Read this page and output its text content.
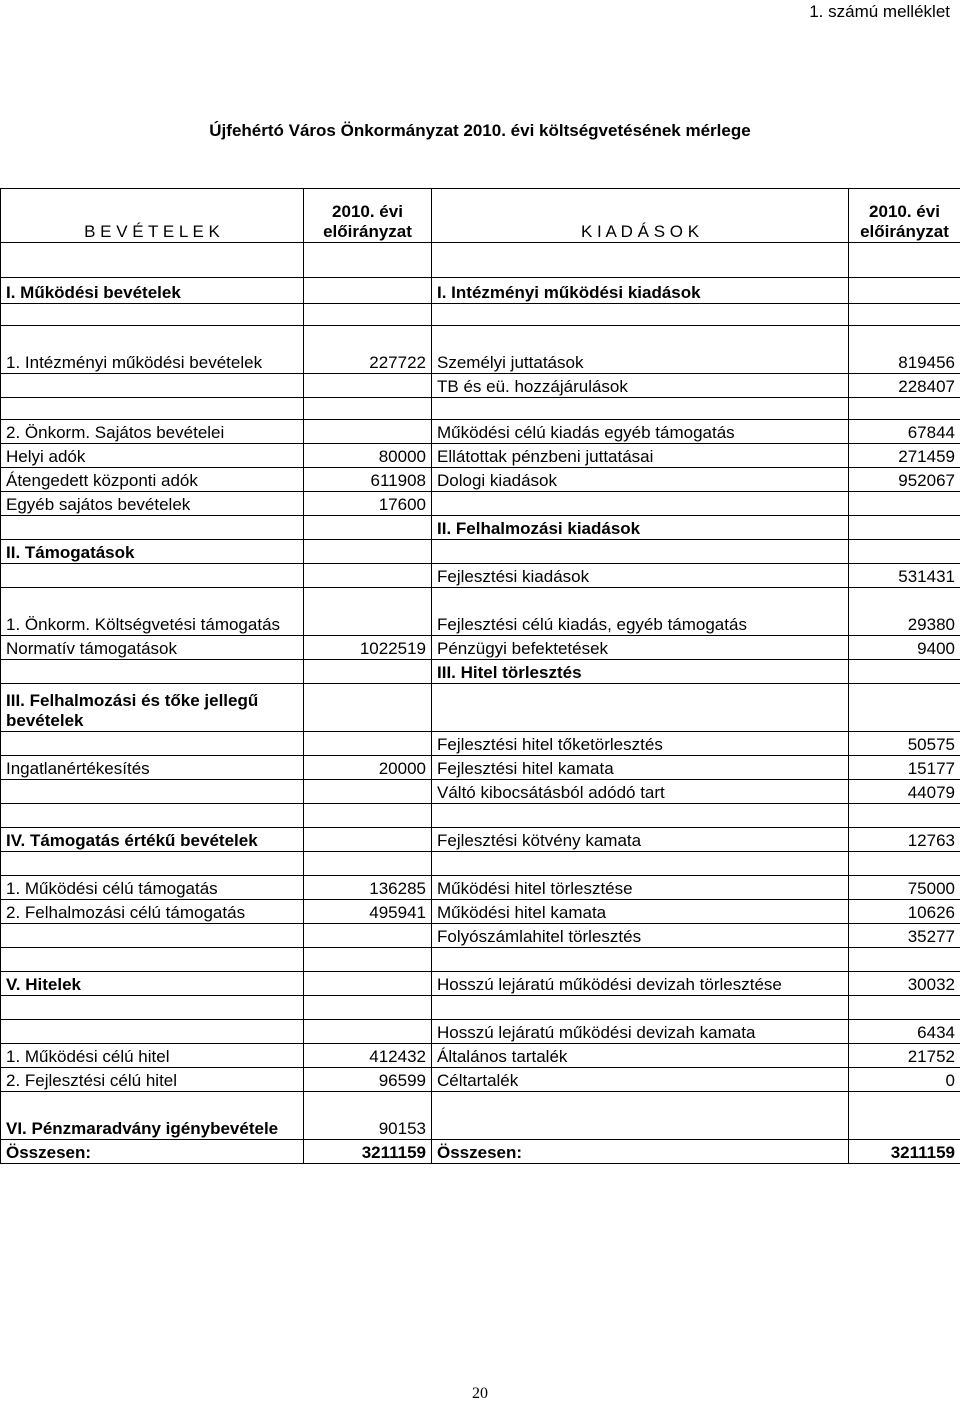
1. számú melléklet
Újfehértó Város Önkormányzat 2010. évi költségvetésének mérlege
B E V É T E L E K	2010. évi előirányzat	K I A D Á S O K	2010. évi előirányzat

I. Működési bevételek		I. Intézményi működési kiadások	

1. Intézményi működési bevételek	227722	Személyi juttatások	819456
		TB és eü. hozzájárulások	228407

2. Önkorm. Sajátos bevételei		Működési célú kiadás egyéb támogatás	67844
Helyi adók	80000	Ellátottak pénzbeni juttatásai	271459
Átengedett központi adók	611908	Dologi kiadások	952067
Egyéb sajátos bevételek	17600		
		II. Felhalmozási kiadások	
II. Támogatások			
		Fejlesztési kiadások	531431
1. Önkorm. Költségvetési támogatás		Fejlesztési célú kiadás, egyéb támogatás	29380
Normatív támogatások	1022519	Pénzügyi befektetések	9400
		III. Hitel törlesztés	
III. Felhalmozási és tőke jellegű bevételek			
		Fejlesztési hitel tőketörlesztés	50575
Ingatlanértékesítés	20000	Fejlesztési hitel kamata	15177
		Váltó kibocsátásból adódó tart	44079

IV. Támogatás értékű bevételek		Fejlesztési kötvény kamata	12763

1. Működési célú támogatás	136285	Működési hitel törlesztése	75000
2. Felhalmozási célú támogatás	495941	Működési hitel kamata	10626
		Folyószámlahitel törlesztés	35277

V. Hitelek		Hosszú lejáratú működési devizah törlesztése	30032

		Hosszú lejáratú működési devizah kamata	6434
1. Működési célú hitel	412432	Általános tartalék	21752
2. Fejlesztési célú hitel	96599	Céltartalék	0
VI. Pénzmaradvány igénybevétele	90153		
Összesen:	3211159	Összesen:	3211159
20
